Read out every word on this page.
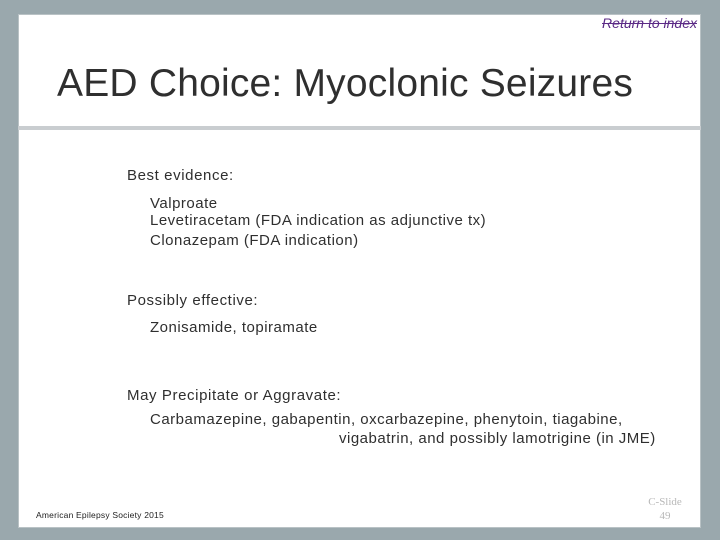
Return to index
AED Choice: Myoclonic Seizures
Best evidence:
Valproate
Levetiracetam (FDA indication as adjunctive tx)
Clonazepam (FDA indication)
Possibly effective:
Zonisamide, topiramate
May Precipitate or Aggravate:
Carbamazepine, gabapentin, oxcarbazepine, phenytoin, tiagabine,
vigabatrin, and possibly lamotrigine (in JME)
American Epilepsy Society 2015
C-Slide
49
